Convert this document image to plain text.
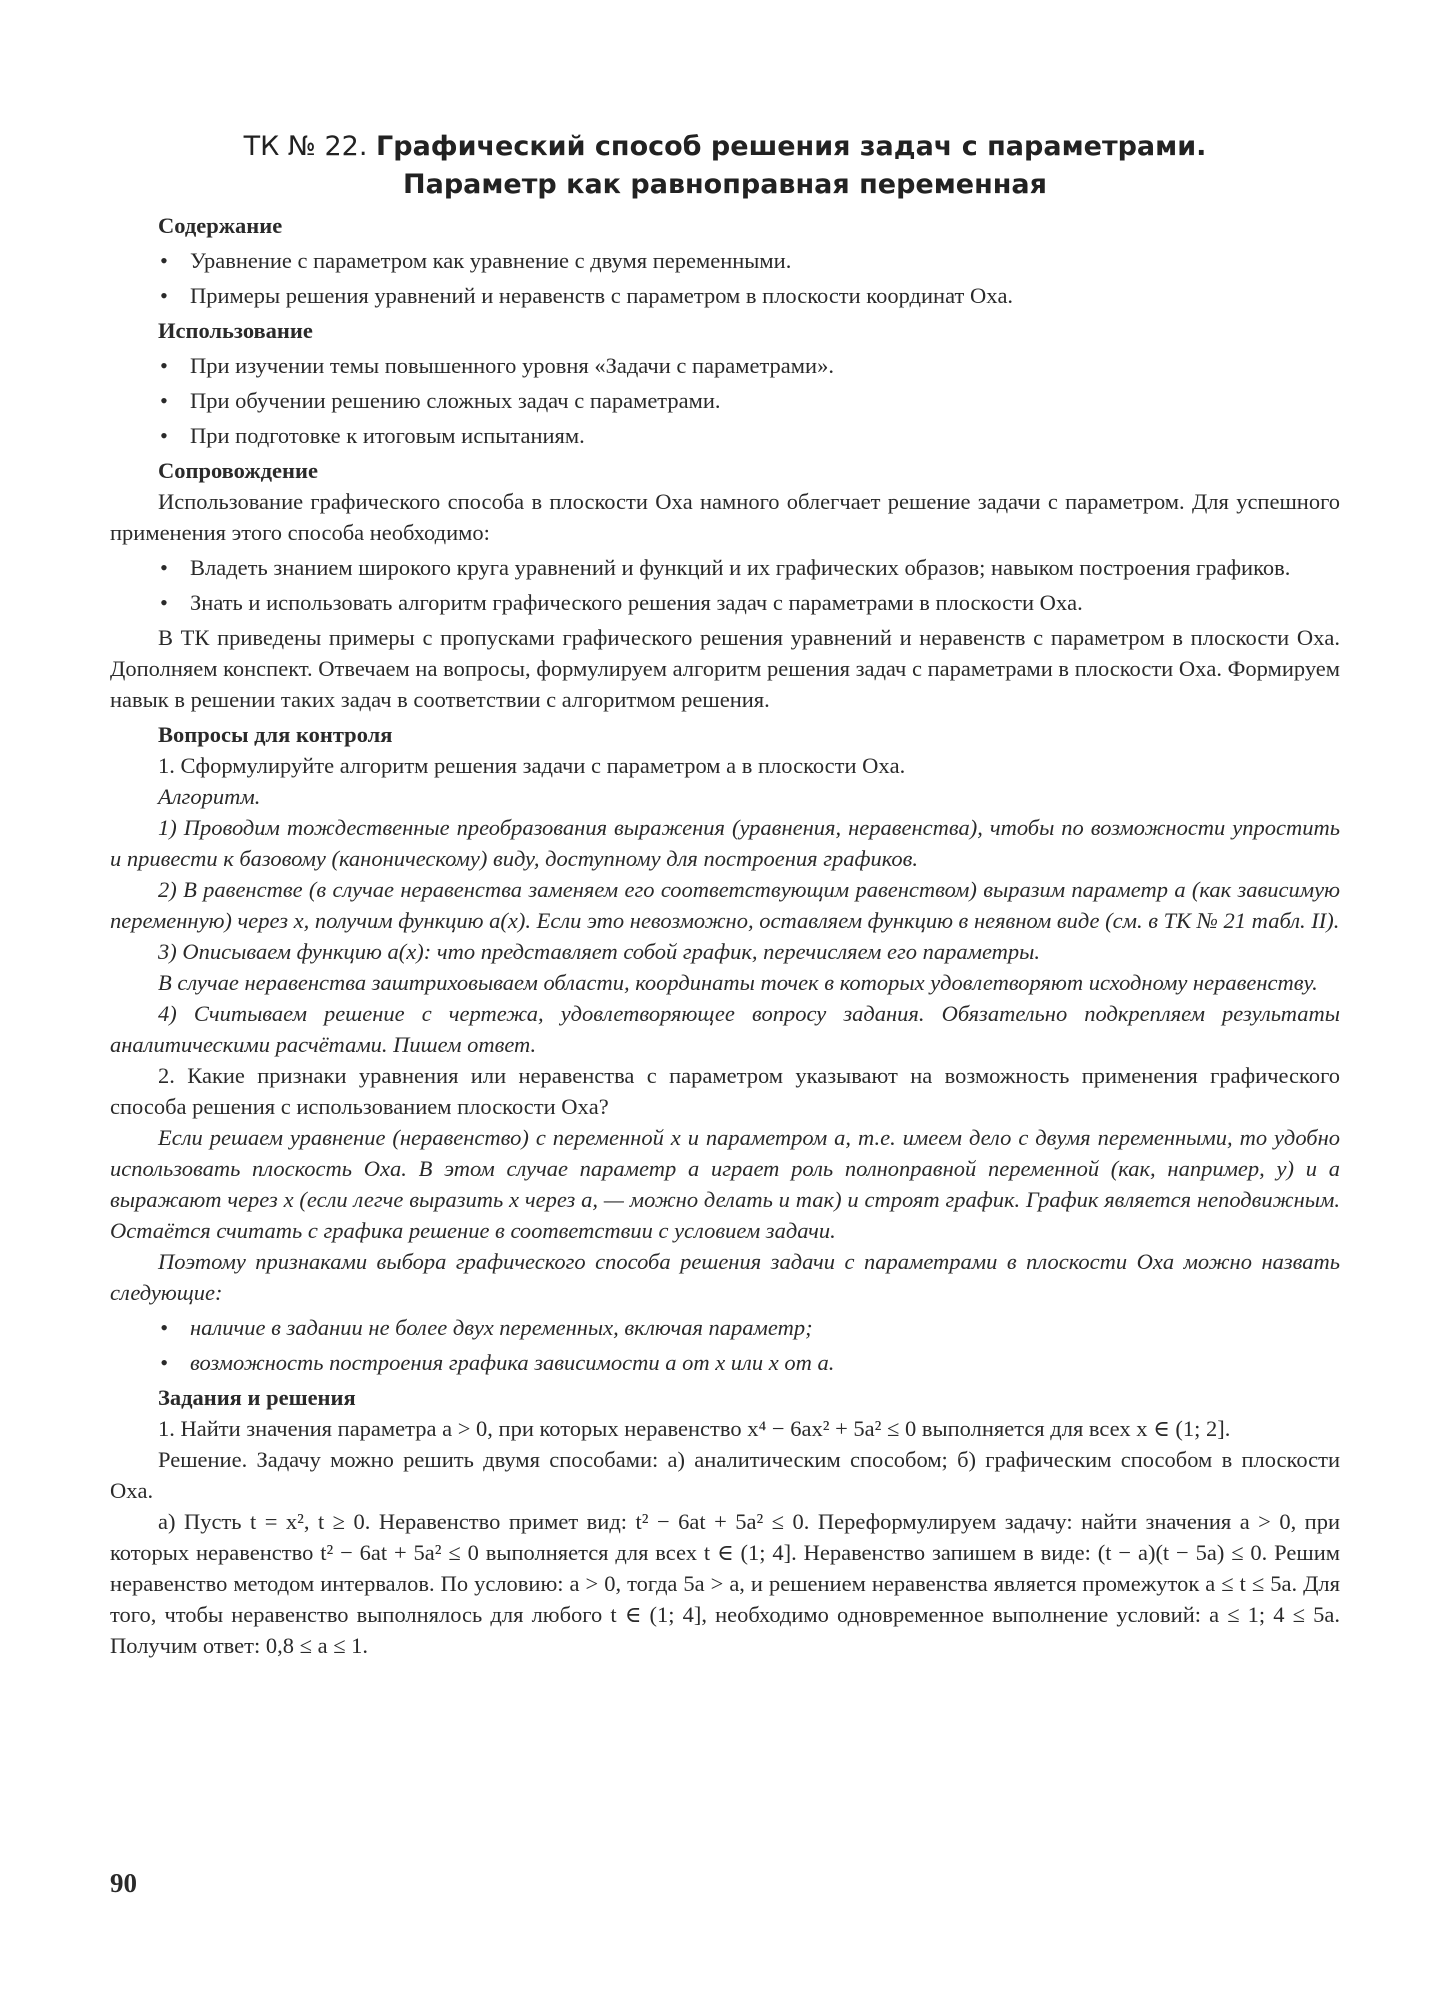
ТК № 22. Графический способ решения задач с параметрами.
Параметр как равноправная переменная
Содержание
• Уравнение с параметром как уравнение с двумя переменными.
• Примеры решения уравнений и неравенств с параметром в плоскости координат Oxa.
Использование
• При изучении темы повышенного уровня «Задачи с параметрами».
• При обучении решению сложных задач с параметрами.
• При подготовке к итоговым испытаниям.
Сопровождение

Использование графического способа в плоскости Oxa намного облегчает решение задачи с параметром. Для успешного применения этого способа необходимо:

• Владеть знанием широкого круга уравнений и функций и их графических образов; навыком построения графиков.
• Знать и использовать алгоритм графического решения задач с параметрами в плоскости Oxa.

В ТК приведены примеры с пропусками графического решения уравнений и неравенств с параметром в плоскости Oxa. Дополняем конспект. Отвечаем на вопросы, формулируем алгоритм решения задач с параметрами в плоскости Oxa. Формируем навык в решении таких задач в соответствии с алгоритмом решения.

Вопросы для контроля

1. Сформулируйте алгоритм решения задачи с параметром a в плоскости Oxa.

Алгоритм.

1) Проводим тождественные преобразования выражения (уравнения, неравенства), чтобы по возможности упростить и привести к базовому (каноническому) виду, доступному для построения графиков.

2) В равенстве (в случае неравенства заменяем его соответствующим равенством) выразим параметр a (как зависимую переменную) через x, получим функцию a(x). Если это невозможно, оставляем функцию в неявном виде (см. в ТК № 21 табл. II).

3) Описываем функцию a(x): что представляет собой график, перечисляем его параметры.

В случае неравенства заштриховываем области, координаты точек в которых удовлетворяют исходному неравенству.

4) Считываем решение с чертежа, удовлетворяющее вопросу задания. Обязательно подкрепляем результаты аналитическими расчётами. Пишем ответ.

2. Какие признаки уравнения или неравенства с параметром указывают на возможность применения графического способа решения с использованием плоскости Oxa?

Если решаем уравнение (неравенство) с переменной x и параметром a, т.е. имеем дело с двумя переменными, то удобно использовать плоскость Oxa. В этом случае параметр a играет роль полноправной переменной (как, например, y) и a выражают через x (если легче выразить x через a, — можно делать и так) и строят график. График является неподвижным. Остаётся считать с графика решение в соответствии с условием задачи.

Поэтому признаками выбора графического способа решения задачи с параметрами в плоскости Oxa можно назвать следующие:

• наличие в задании не более двух переменных, включая параметр;
• возможность построения графика зависимости a от x или x от a.
Задания и решения

1. Найти значения параметра a > 0, при которых неравенство x⁴ − 6ax² + 5a² ≤ 0 выполняется для всех x ∈ (1; 2].

Решение. Задачу можно решить двумя способами: а) аналитическим способом; б) графическим способом в плоскости Oxa.

а) Пусть t = x², t ≥ 0. Неравенство примет вид: t² − 6at + 5a² ≤ 0. Переформулируем задачу: найти значения a > 0, при которых неравенство t² − 6at + 5a² ≤ 0 выполняется для всех t ∈ (1; 4]. Неравенство запишем в виде: (t − a)(t − 5a) ≤ 0. Решим неравенство методом интервалов. По условию: a > 0, тогда 5a > a, и решением неравенства является промежуток a ≤ t ≤ 5a. Для того, чтобы неравенство выполнялось для любого t ∈ (1; 4], необходимо одновременное выполнение условий: a ≤ 1; 4 ≤ 5a. Получим ответ: 0,8 ≤ a ≤ 1.

90
